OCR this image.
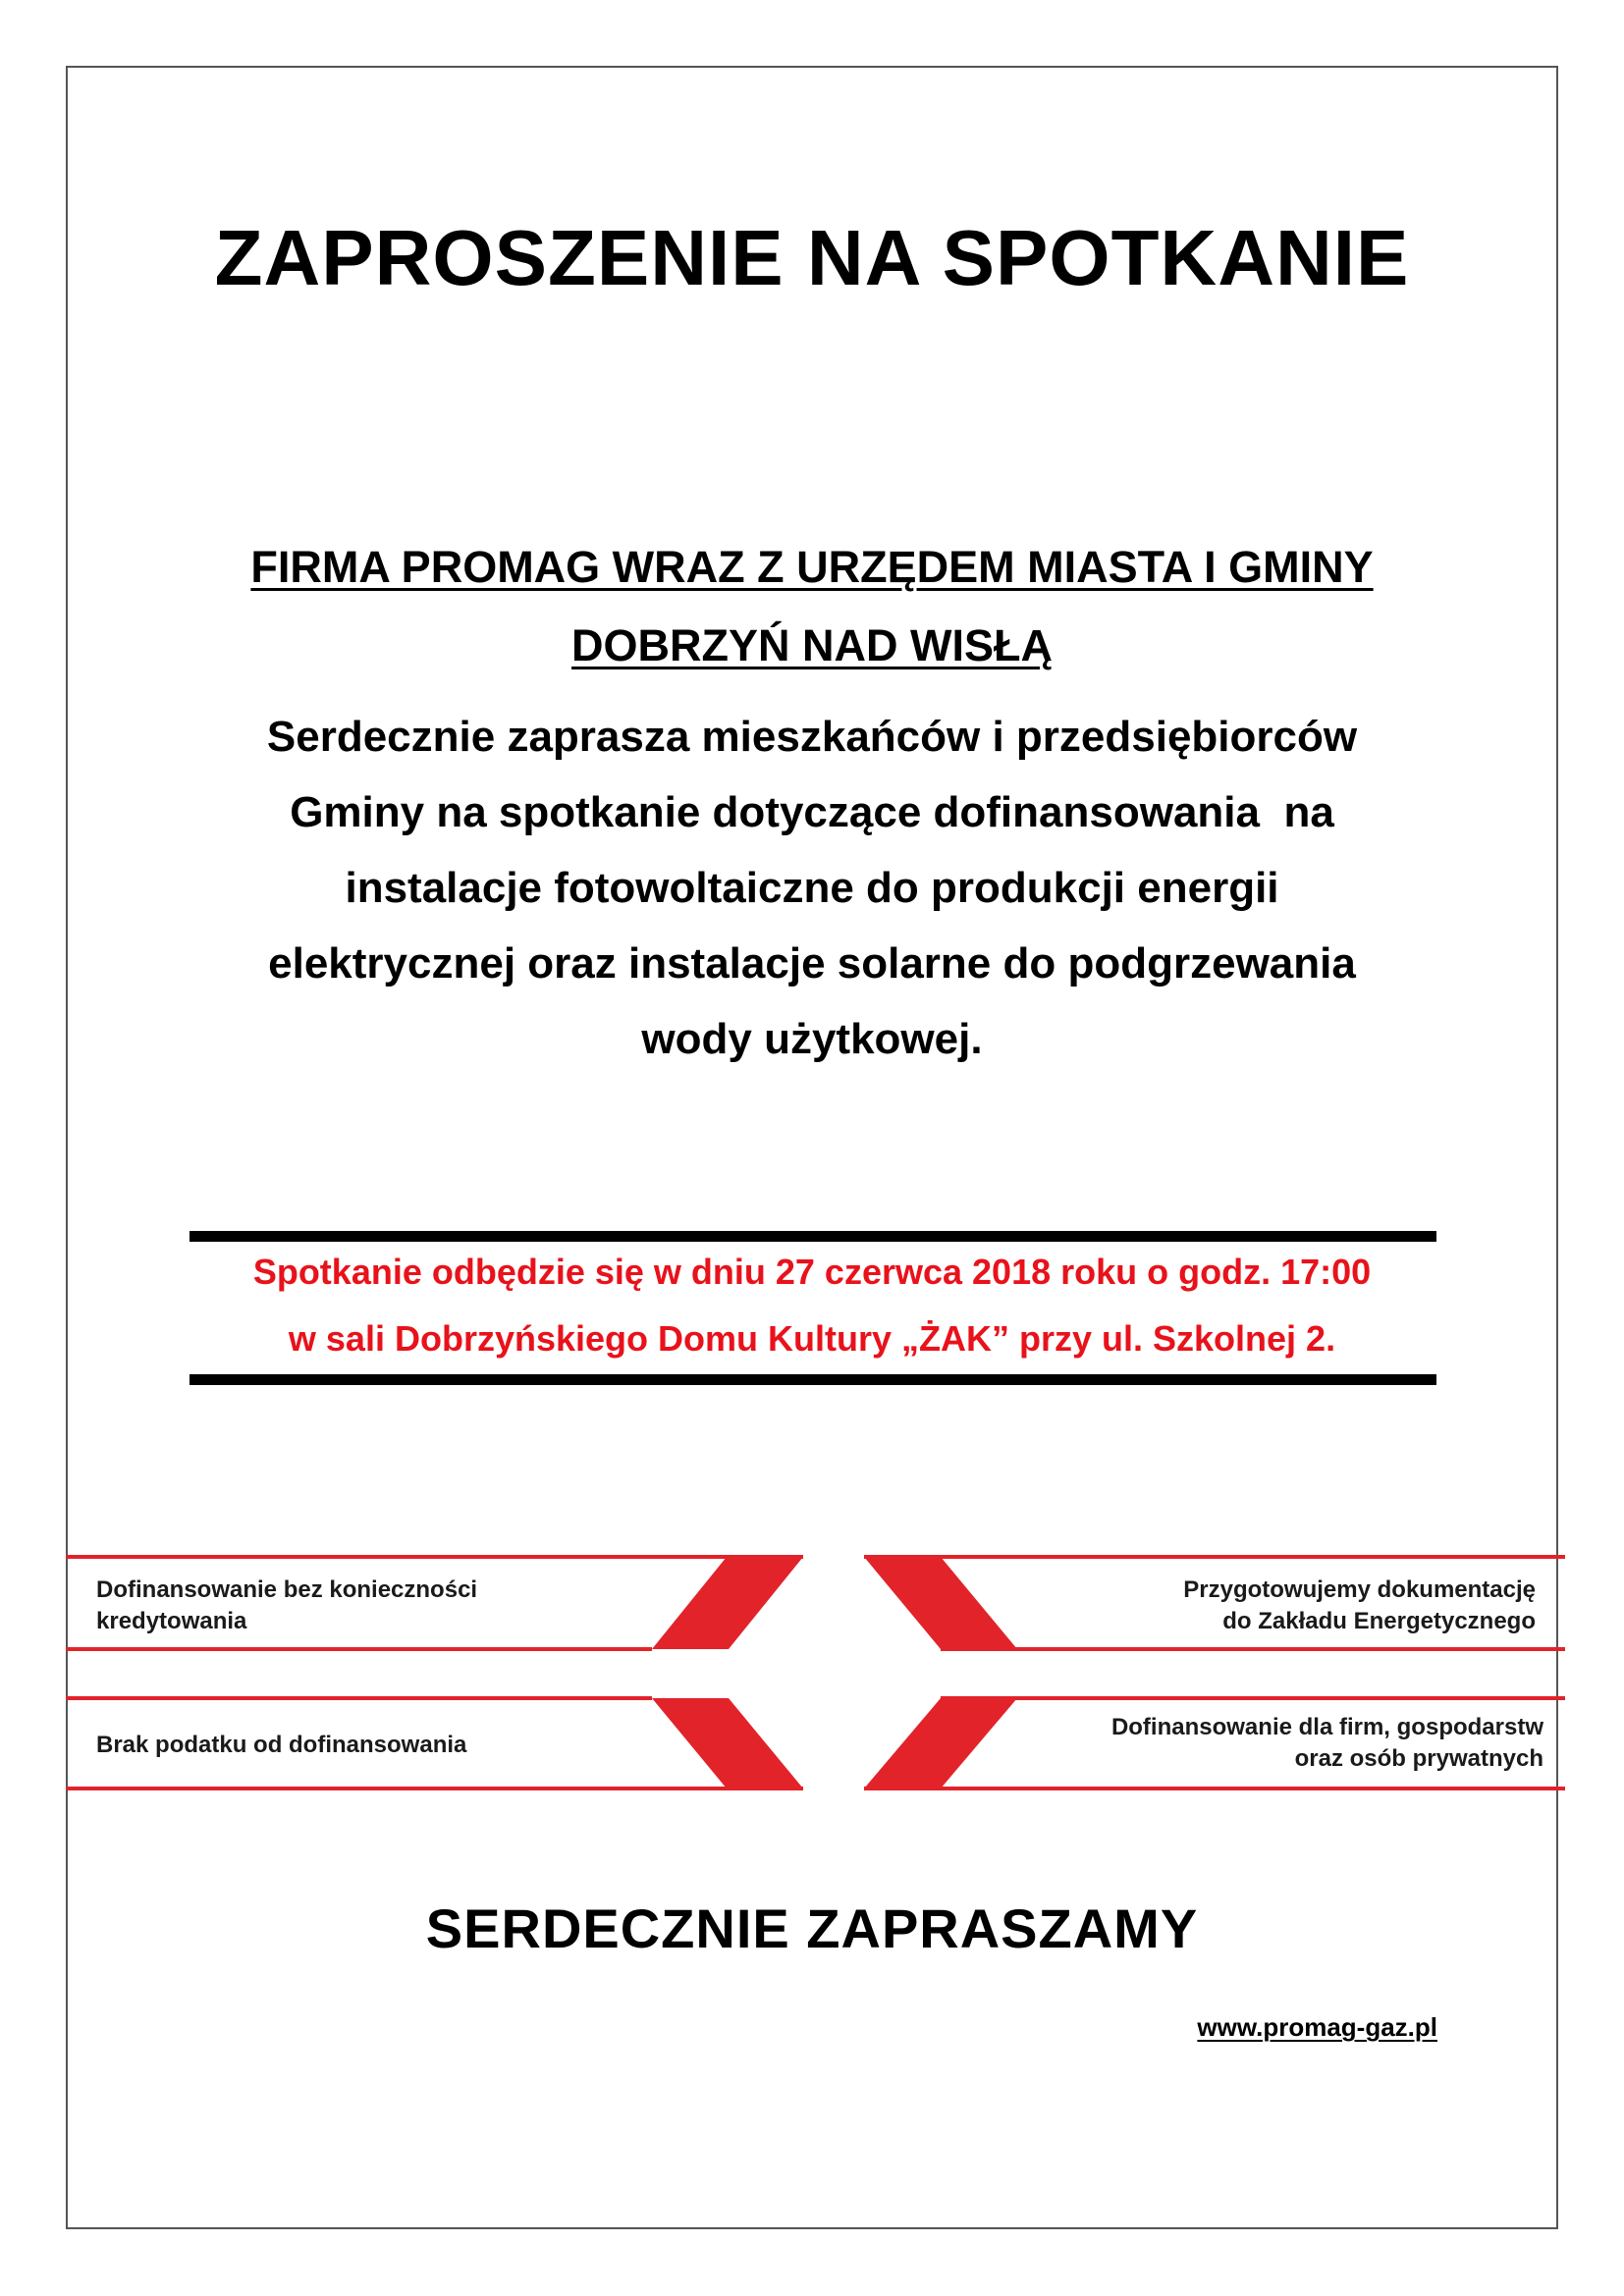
ZAPROSZENIE NA SPOTKANIE
FIRMA PROMAG WRAZ Z URZĘDEM MIASTA I GMINY
DOBRZYŃ NAD WISŁĄ
Serdecznie zaprasza mieszkańców i przedsiębiorców
Gminy na spotkanie dotyczące dofinansowania  na
instalacje fotowoltaiczne do produkcji energii
elektrycznej oraz instalacje solarne do podgrzewania
wody użytkowej.
Spotkanie odbędzie się w dniu 27 czerwca 2018 roku o godz. 17:00
w sali Dobrzyńskiego Domu Kultury „ŻAK” przy ul. Szkolnej 2.
Dofinansowanie bez konieczności
kredytowania
Przygotowujemy dokumentację
do Zakładu Energetycznego
Brak podatku od dofinansowania
Dofinansowanie dla firm, gospodarstw
oraz osób prywatnych
SERDECZNIE ZAPRASZAMY
www.promag-gaz.pl
